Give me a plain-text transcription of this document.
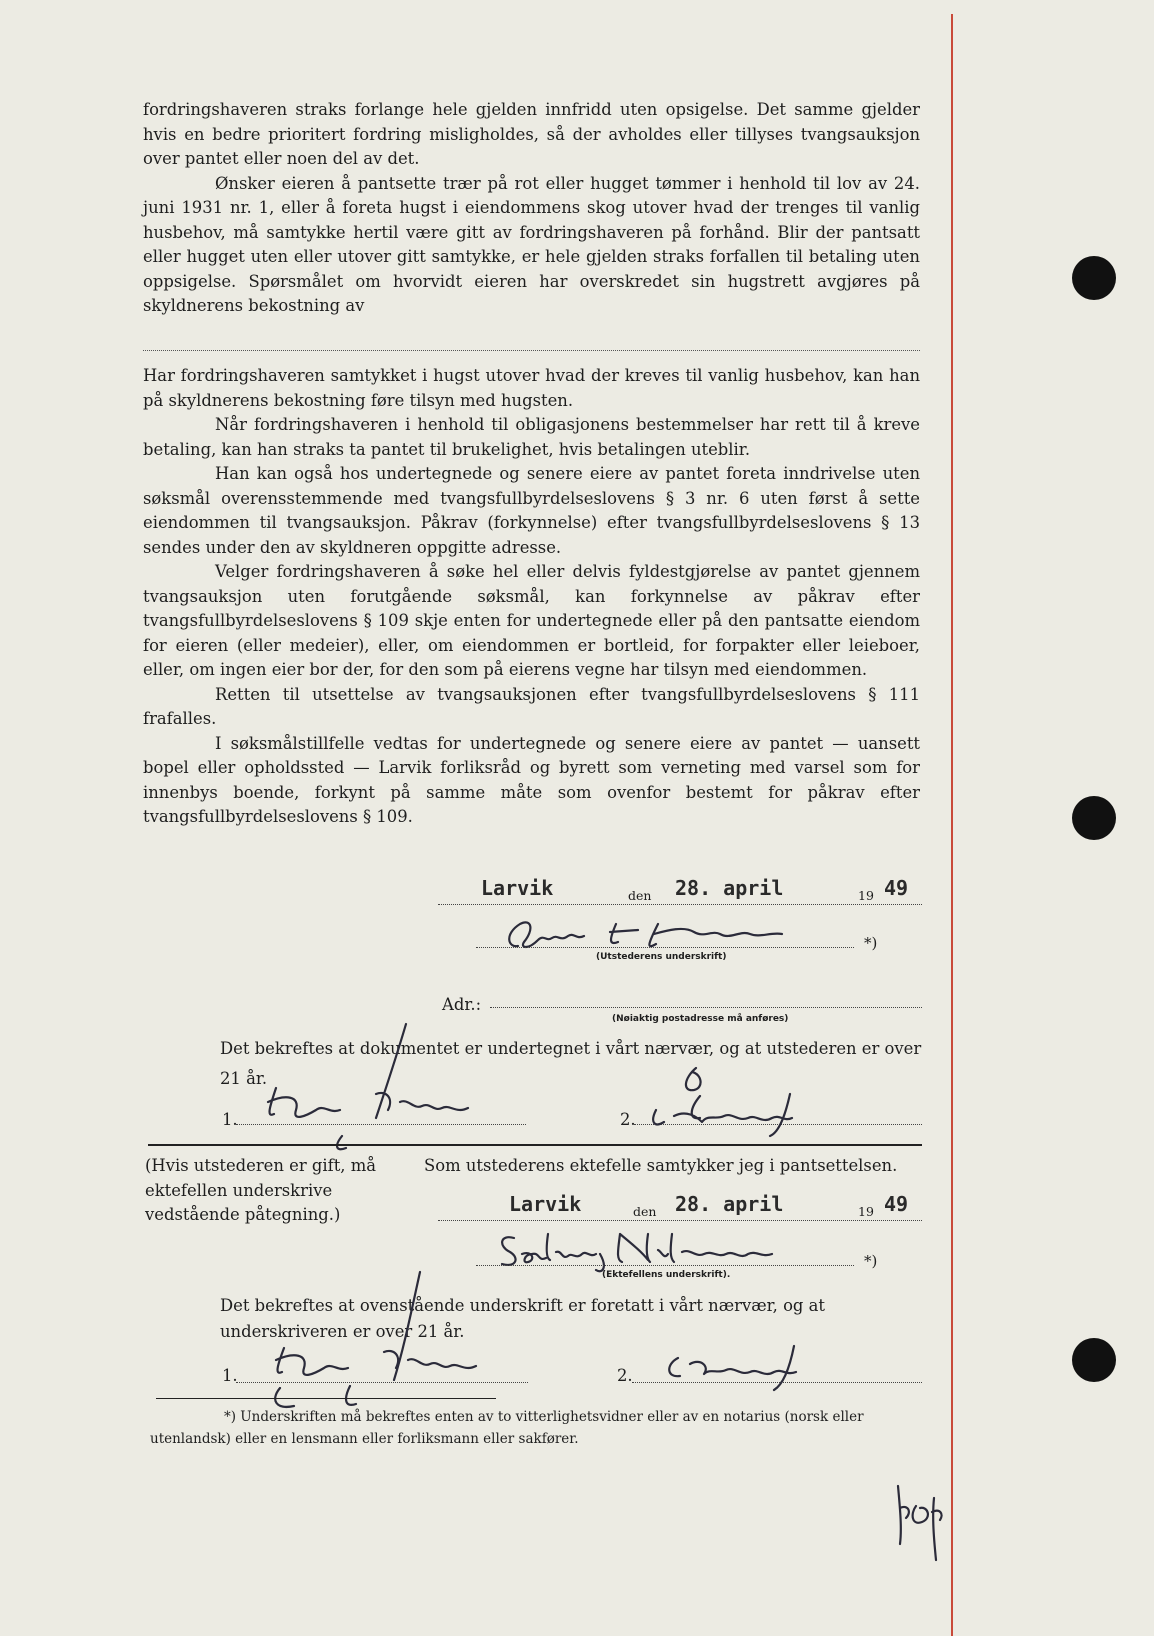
fordringshaveren straks forlange hele gjelden innfridd uten opsigelse. Det samme gjelder hvis en bedre prioritert fordring misligholdes, så der avholdes eller tillyses tvangsauksjon over pantet eller noen del av det.

Ønsker eieren å pantsette trær på rot eller hugget tømmer i henhold til lov av 24. juni 1931 nr. 1, eller å foreta hugst i eiendommens skog utover hvad der trenges til vanlig husbehov, må samtykke hertil være gitt av fordringshaveren på forhånd. Blir der pantsatt eller hugget uten eller utover gitt samtykke, er hele gjelden straks forfallen til betaling uten oppsigelse. Spørsmålet om hvorvidt eieren har overskredet sin hugstrett avgjøres på skyldnerens bekostning av

Har fordringshaveren samtykket i hugst utover hvad der kreves til vanlig husbehov, kan han på skyldnerens bekostning føre tilsyn med hugsten.

Når fordringshaveren i henhold til obligasjonens bestemmelser har rett til å kreve betaling, kan han straks ta pantet til brukelighet, hvis betalingen uteblir.

Han kan også hos undertegnede og senere eiere av pantet foreta inndrivelse uten søksmål overensstemmende med tvangsfullbyrdelseslovens § 3 nr. 6 uten først å sette eiendommen til tvangsauksjon. Påkrav (forkynnelse) efter tvangsfullbyrdelseslovens § 13 sendes under den av skyldneren oppgitte adresse.

Velger fordringshaveren å søke hel eller delvis fyldestgjørelse av pantet gjennem tvangsauksjon uten forutgående søksmål, kan forkynnelse av påkrav efter tvangsfullbyrdelseslovens § 109 skje enten for undertegnede eller på den pantsatte eiendom for eieren (eller medeier), eller, om eiendommen er bortleid, for forpakter eller leieboer, eller, om ingen eier bor der, for den som på eierens vegne har tilsyn med eiendommen.

Retten til utsettelse av tvangsauksjonen efter tvangsfullbyrdelseslovens § 111 frafalles.

I søksmålstillfelle vedtas for undertegnede og senere eiere av pantet — uansett bopel eller opholdssted — Larvik forliksråd og byrett som verneting med varsel som for innenbys boende, forkynt på samme måte som ovenfor bestemt for påkrav efter tvangsfullbyrdelseslovens § 109.

Larvik	den 28. april	19 49
*)
(Utstederens underskrift)
Adr.:
(Nøiaktig postadresse må anføres)
Det bekreftes at dokumentet er undertegnet i vårt nærvær, og at utstederen er over 21 år.
1.	2.
(Hvis utstederen er gift, må ektefellen underskrive vedstående påtegning.)
Som utstederens ektefelle samtykker jeg i pantsettelsen.
Larvik	den 28. april	19 49
*)
(Ektefellens underskrift).
Det bekreftes at ovenstående underskrift er foretatt i vårt nærvær, og at underskriveren er over 21 år.
1.	2.
*) Underskriften må bekreftes enten av to vitterlighetsvidner eller av en notarius (norsk eller utenlandsk) eller en lensmann eller forliksmann eller sakfører.
